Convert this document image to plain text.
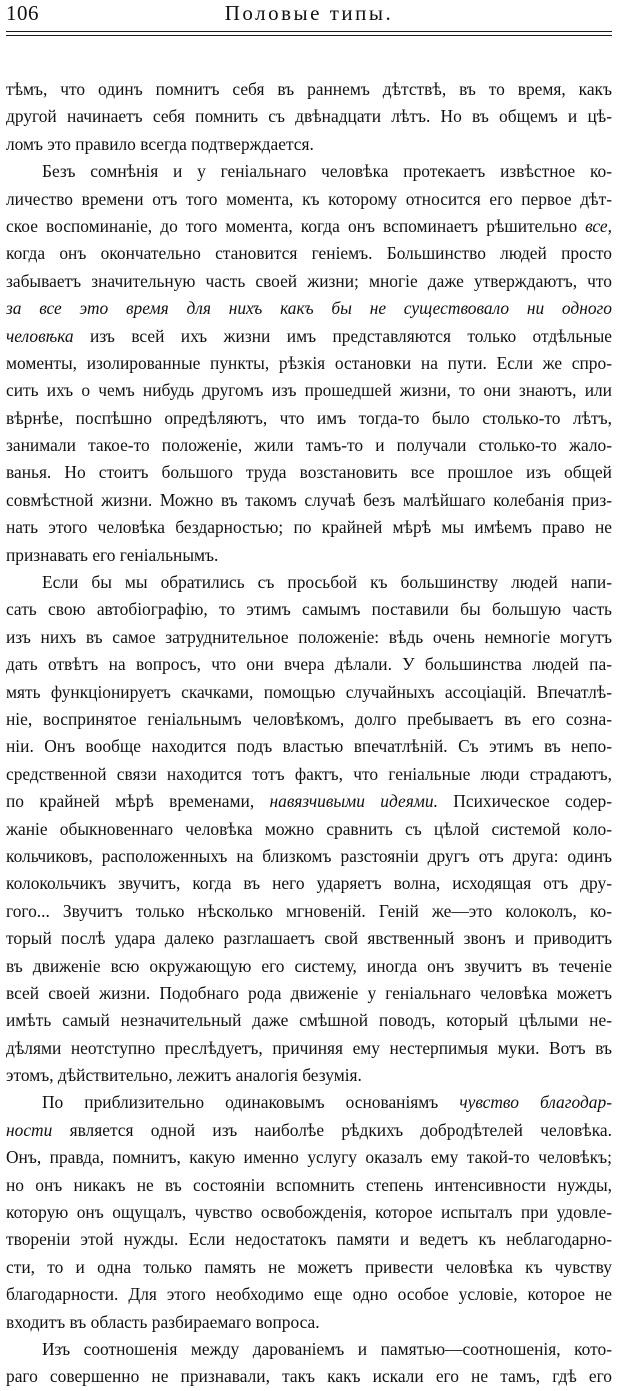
106	Половые типы.
тѣмъ, что одинъ помнитъ себя въ раннемъ дѣтствѣ, въ то время, какъ
другой начинаетъ себя помнить съ двѣнадцати лѣтъ. Но въ общемъ и цѣ-
ломъ это правило всегда подтверждается.
Безъ сомнѣнія и у геніальнаго человѣка протекаетъ извѣстное ко-
личество времени отъ того момента, къ которому относится его первое дѣт-
ское воспоминаніе, до того момента, когда онъ вспоминаетъ рѣшительно все,
когда онъ окончательно становится геніемъ. Большинство людей просто
забываетъ значительную часть своей жизни; многіе даже утверждаютъ, что
за все это время для нихъ какъ бы не существовало ни одного
человѣка изъ всей ихъ жизни имъ представляются только отдѣльные
моменты, изолированные пункты, рѣзкія остановки на пути. Если же спро-
сить ихъ о чемъ нибудь другомъ изъ прошедшей жизни, то они знаютъ, или
вѣрнѣе, поспѣшно опредѣляютъ, что имъ тогда-то было столько-то лѣтъ,
занимали такое-то положеніе, жили тамъ-то и получали столько-то жало-
ванья. Но стоитъ большого труда возстановить все прошлое изъ общей
совмѣстной жизни. Можно въ такомъ случаѣ безъ малѣйшаго колебанія приз-
нать этого человѣка бездарностью; по крайней мѣрѣ мы имѣемъ право не
признавать его геніальнымъ.
Если бы мы обратились съ просьбой къ большинству людей напи-
сать свою автобіографію, то этимъ самымъ поставили бы большую часть
изъ нихъ въ самое затруднительное положеніе: вѣдь очень немногіе могутъ
дать отвѣтъ на вопросъ, что они вчера дѣлали. У большинства людей па-
мять функціонируетъ скачками, помощью случайныхъ ассоціацій. Впечатлѣ-
ніе, воспринятое геніальнымъ человѣкомъ, долго пребываетъ въ его сознa-
ніи. Онъ вообще находится подъ властью впечатлѣній. Съ этимъ въ непо-
средственной связи находится тотъ фактъ, что геніальные люди страдаютъ,
по крайней мѣрѣ временами, навязчивыми идеями. Психическое содер-
жаніе обыкновеннаго человѣка можно сравнить съ цѣлой системой коло-
кольчиковъ, расположенныхъ на близкомъ разстояніи другъ отъ друга: одинъ
колокольчикъ звучитъ, когда въ него ударяетъ волна, исходящая отъ дру-
гого... Звучитъ только нѣсколько мгновеній. Геній же—это колоколъ, ко-
торый послѣ удара далеко разглашаетъ свой явственный звонъ и приводитъ
въ движеніе всю окружающую его систему, иногда онъ звучитъ въ теченіе
всей своей жизни. Подобнаго рода движеніе у геніальнаго человѣка можетъ
имѣть самый незначительный даже смѣшной поводъ, который цѣлыми не-
дѣлями неотступно преслѣдуетъ, причиняя ему нестерпимыя муки. Вотъ въ
этомъ, дѣйствительно, лежитъ аналогія безумія.
По приблизительно одинаковымъ основаніямъ чувство благодар-
ности является одной изъ наиболѣе рѣдкихъ добродѣтелей человѣка.
Онъ, правда, помнитъ, какую именно услугу оказалъ ему такой-то человѣкъ;
но онъ никакъ не въ состояніи вспомнить степень интенсивности нужды,
которую онъ ощущалъ, чувство освобожденія, которое испыталъ при удовле-
твореніи этой нужды. Если недостатокъ памяти и ведетъ къ неблагодарно-
сти, то и одна только память не можетъ привести человѣка къ чувству
благодарности. Для этого необходимо еще одно особое условіе, которое не
входитъ въ область разбираемаго вопроса.
Изъ соотношенія между дарованіемъ и памятью—соотношенія, кото-
раго совершенно не признавали, такъ какъ искали его не тамъ, гдѣ его
